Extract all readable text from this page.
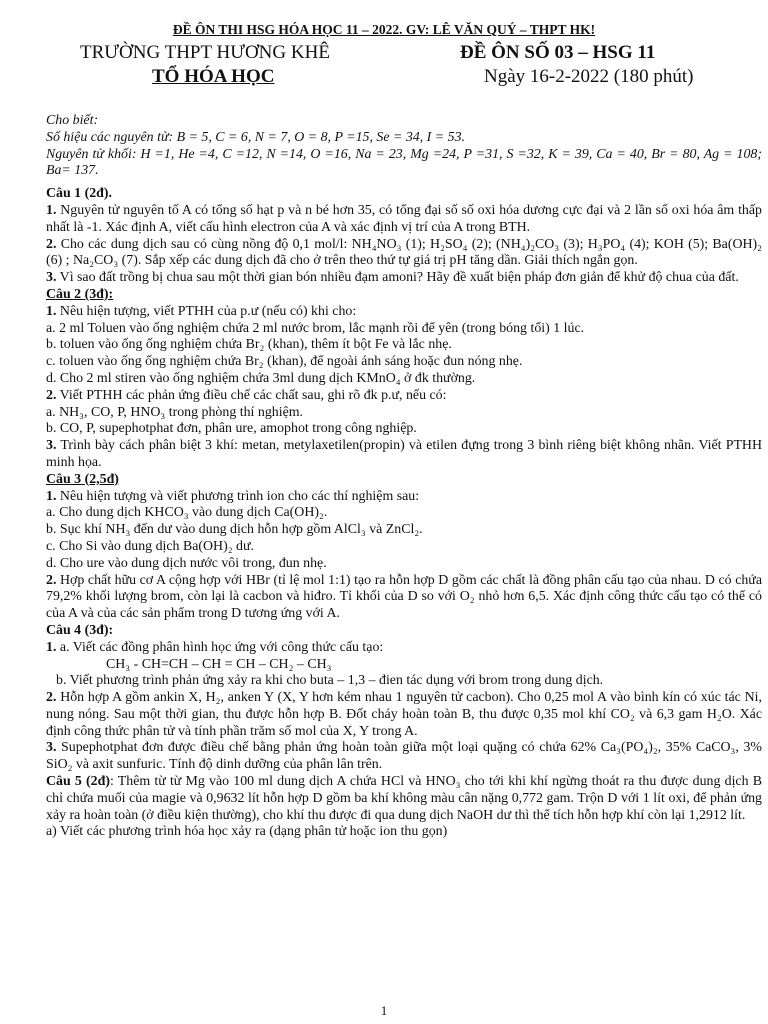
ĐỀ ÔN THI HSG HÓA HỌC 11 – 2022. GV: LÊ VĂN QUÝ – THPT HK!
TRƯỜNG THPT HƯƠNG KHÊ	ĐỀ ÔN SỐ 03 – HSG 11
TỔ HÓA HỌC	Ngày 16-2-2022 (180 phút)

Cho biết:

Số hiệu các nguyên tử: B = 5, C = 6, N = 7, O = 8, P =15, Se = 34, I = 53.

Nguyên tử khối: H =1, He =4, C =12, N =14, O =16, Na = 23, Mg =24, P =31, S =32, K = 39, Ca = 40, Br = 80, Ag = 108; Ba= 137.

Câu 1 (2đ).

1. Nguyên tử nguyên tố A có tổng số hạt p và n bé hơn 35, có tổng đại số số oxi hóa dương cực đại và 2 lần số oxi hóa âm thấp nhất là -1. Xác định A, viết cấu hình electron của A và xác định vị trí của A trong BTH.

2. Cho các dung dịch sau có cùng nồng độ 0,1 mol/l: NH₄NO₃ (1); H₂SO₄ (2); (NH₄)₂CO₃ (3); H₃PO₄ (4); KOH (5); Ba(OH)₂ (6) ; Na₂CO₃ (7). Sắp xếp các dung dịch đã cho ở trên theo thứ tự giá trị pH tăng dần. Giải thích ngắn gọn.

3. Vì sao đất trồng bị chua sau một thời gian bón nhiều đạm amoni? Hãy đề xuất biện pháp đơn giản để khử độ chua của đất.

Câu 2 (3đ):

1. Nêu hiện tượng, viết PTHH của p.ư (nếu có) khi cho:

a. 2 ml Toluen vào ống nghiệm chứa 2 ml nước brom, lắc mạnh rồi để yên (trong bóng tối) 1 lúc.

b. toluen vào ống ống nghiệm chứa Br₂ (khan), thêm ít bột Fe và lắc nhẹ.

c. toluen vào ống ống nghiệm chứa Br₂ (khan), để ngoài ánh sáng hoặc đun nóng nhẹ.

d. Cho 2 ml stiren vào ống nghiệm chứa 3ml dung dịch KMnO₄ ở đk thường.

2. Viết PTHH các phản ứng điều chế các chất sau, ghi rõ đk p.ư, nếu có:

a. NH₃, CO, P, HNO₃ trong phòng thí nghiệm.

b. CO, P, supephotphat đơn, phân ure, amophot trong công nghiệp.

3. Trình bày cách phân biệt 3 khí: metan, metylaxetilen(propin) và etilen đựng trong 3 bình riêng biệt không nhãn. Viết PTHH minh họa.

Câu 3 (2,5đ)

1. Nêu hiện tượng và viết phương trình ion cho các thí nghiệm sau:

a. Cho dung dịch KHCO₃ vào dung dịch Ca(OH)₂.

b. Sục khí NH₃ đến dư vào dung dịch hỗn hợp gồm AlCl₃ và ZnCl₂.

c. Cho Si vào dung dịch Ba(OH)₂ dư.

d. Cho ure vào dung dịch nước vôi trong, đun nhẹ.

2. Hợp chất hữu cơ A cộng hợp với HBr (tỉ lệ mol 1:1) tạo ra hỗn hợp D gồm các chất là đồng phân cấu tạo của nhau. D có chứa 79,2% khối lượng brom, còn lại là cacbon và hiđro. Tỉ khối của D so với O₂ nhỏ hơn 6,5. Xác định công thức cấu tạo có thể có của A và của các sản phẩm trong D tương ứng với A.

Câu 4 (3đ):

1. a. Viết các đồng phân hình học ứng với công thức cấu tạo:

CH₃ - CH=CH – CH = CH – CH₂ – CH₃

b. Viết phương trình phản ứng xảy ra khi cho buta – 1,3 – đien tác dụng với brom trong dung dịch.

2. Hỗn hợp A gồm ankin X, H₂, anken Y (X, Y hơn kém nhau 1 nguyên tử cacbon). Cho 0,25 mol A vào bình kín có xúc tác Ni, nung nóng. Sau một thời gian, thu được hỗn hợp B. Đốt cháy hoàn toàn B, thu được 0,35 mol khí CO₂ và 6,3 gam H₂O. Xác định công thức phân tử và tính phần trăm số mol của X, Y trong A.

3. Supephotphat đơn được điều chế bằng phản ứng hoàn toàn giữa một loại quặng có chứa 62% Ca₃(PO₄)₂, 35% CaCO₃, 3% SiO₂ và axit sunfuric. Tính độ dinh dưỡng của phân lân trên.

Câu 5 (2đ): Thêm từ từ Mg vào 100 ml dung dịch A chứa HCl và HNO₃ cho tới khi khí ngừng thoát ra thu được dung dịch B chỉ chứa muối của magie và 0,9632 lít hỗn hợp D gồm ba khí không màu cân nặng 0,772 gam. Trộn D với 1 lít oxi, để phản ứng xảy ra hoàn toàn (ở điều kiện thường), cho khí thu được đi qua dung dịch NaOH dư thì thể tích hỗn hợp khí còn lại 1,2912 lít.

a) Viết các phương trình hóa học xảy ra (dạng phân tử hoặc ion thu gọn)

1
